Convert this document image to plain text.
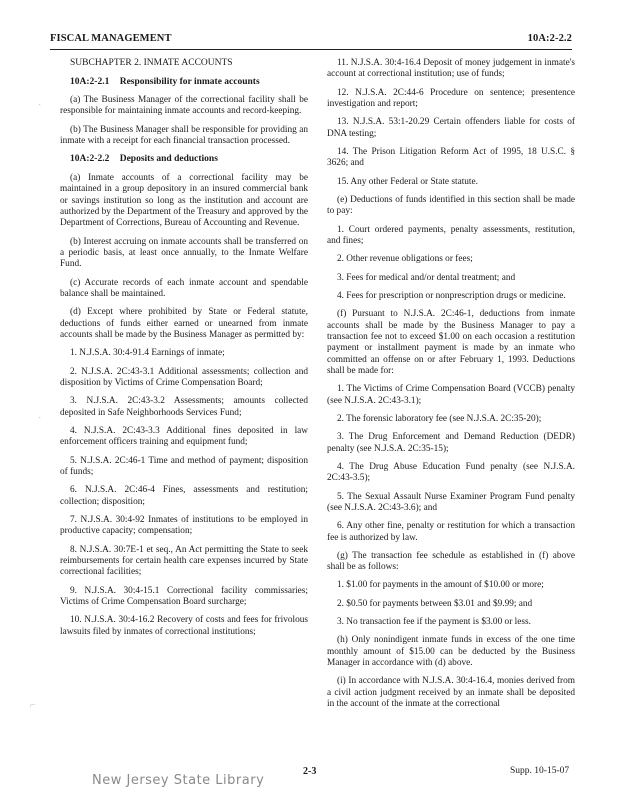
FISCAL MANAGEMENT	10A:2-2.2

SUBCHAPTER 2. INMATE ACCOUNTS

10A:2-2.1 Responsibility for inmate accounts

(a) The Business Manager of the correctional facility shall be responsible for maintaining inmate accounts and record-keeping.

(b) The Business Manager shall be responsible for providing an inmate with a receipt for each financial transaction processed.

10A:2-2.2 Deposits and deductions

(a) Inmate accounts of a correctional facility may be maintained in a group depository in an insured commercial bank or savings institution so long as the institution and account are authorized by the Department of the Treasury and approved by the Department of Corrections, Bureau of Accounting and Revenue.

(b) Interest accruing on inmate accounts shall be transferred on a periodic basis, at least once annually, to the Inmate Welfare Fund.

(c) Accurate records of each inmate account and spendable balance shall be maintained.

(d) Except where prohibited by State or Federal statute, deductions of funds either earned or unearned from inmate accounts shall be made by the Business Manager as permitted by:

1. N.J.S.A. 30:4-91.4 Earnings of inmate;

2. N.J.S.A. 2C:43-3.1 Additional assessments; collection and disposition by Victims of Crime Compensation Board;

3. N.J.S.A. 2C:43-3.2 Assessments; amounts collected deposited in Safe Neighborhoods Services Fund;

4. N.J.S.A. 2C:43-3.3 Additional fines deposited in law enforcement officers training and equipment fund;

5. N.J.S.A. 2C:46-1 Time and method of payment; disposition of funds;

6. N.J.S.A. 2C:46-4 Fines, assessments and restitution; collection; disposition;

7. N.J.S.A. 30:4-92 Inmates of institutions to be employed in productive capacity; compensation;

8. N.J.S.A. 30:7E-1 et seq., An Act permitting the State to seek reimbursements for certain health care expenses incurred by State correctional facilities;

9. N.J.S.A. 30:4-15.1 Correctional facility commissaries; Victims of Crime Compensation Board surcharge;

10. N.J.S.A. 30:4-16.2 Recovery of costs and fees for frivolous lawsuits filed by inmates of correctional institutions;

11. N.J.S.A. 30:4-16.4 Deposit of money judgement in inmate's account at correctional institution; use of funds;

12. N.J.S.A. 2C:44-6 Procedure on sentence; presentence investigation and report;

13. N.J.S.A. 53:1-20.29 Certain offenders liable for costs of DNA testing;

14. The Prison Litigation Reform Act of 1995, 18 U.S.C. § 3626; and

15. Any other Federal or State statute.

(e) Deductions of funds identified in this section shall be made to pay:

1. Court ordered payments, penalty assessments, restitution, and fines;

2. Other revenue obligations or fees;

3. Fees for medical and/or dental treatment; and

4. Fees for prescription or nonprescription drugs or medicine.

(f) Pursuant to N.J.S.A. 2C:46-1, deductions from inmate accounts shall be made by the Business Manager to pay a transaction fee not to exceed $1.00 on each occasion a restitution payment or installment payment is made by an inmate who committed an offense on or after February 1, 1993. Deductions shall be made for:

1. The Victims of Crime Compensation Board (VCCB) penalty (see N.J.S.A. 2C:43-3.1);

2. The forensic laboratory fee (see N.J.S.A. 2C:35-20);

3. The Drug Enforcement and Demand Reduction (DEDR) penalty (see N.J.S.A. 2C:35-15);

4. The Drug Abuse Education Fund penalty (see N.J.S.A. 2C:43-3.5);

5. The Sexual Assault Nurse Examiner Program Fund penalty (see N.J.S.A. 2C:43-3.6); and

6. Any other fine, penalty or restitution for which a transaction fee is authorized by law.

(g) The transaction fee schedule as established in (f) above shall be as follows:

1. $1.00 for payments in the amount of $10.00 or more;

2. $0.50 for payments between $3.01 and $9.99; and

3. No transaction fee if the payment is $3.00 or less.

(h) Only nonindigent inmate funds in excess of the one time monthly amount of $15.00 can be deducted by the Business Manager in accordance with (d) above.

(i) In accordance with N.J.S.A. 30:4-16.4, monies derived from a civil action judgment received by an inmate shall be deposited in the account of the inmate at the correctional

ˏ
ˏ
⌐
New Jersey State Library
2-3	Supp. 10-15-07
